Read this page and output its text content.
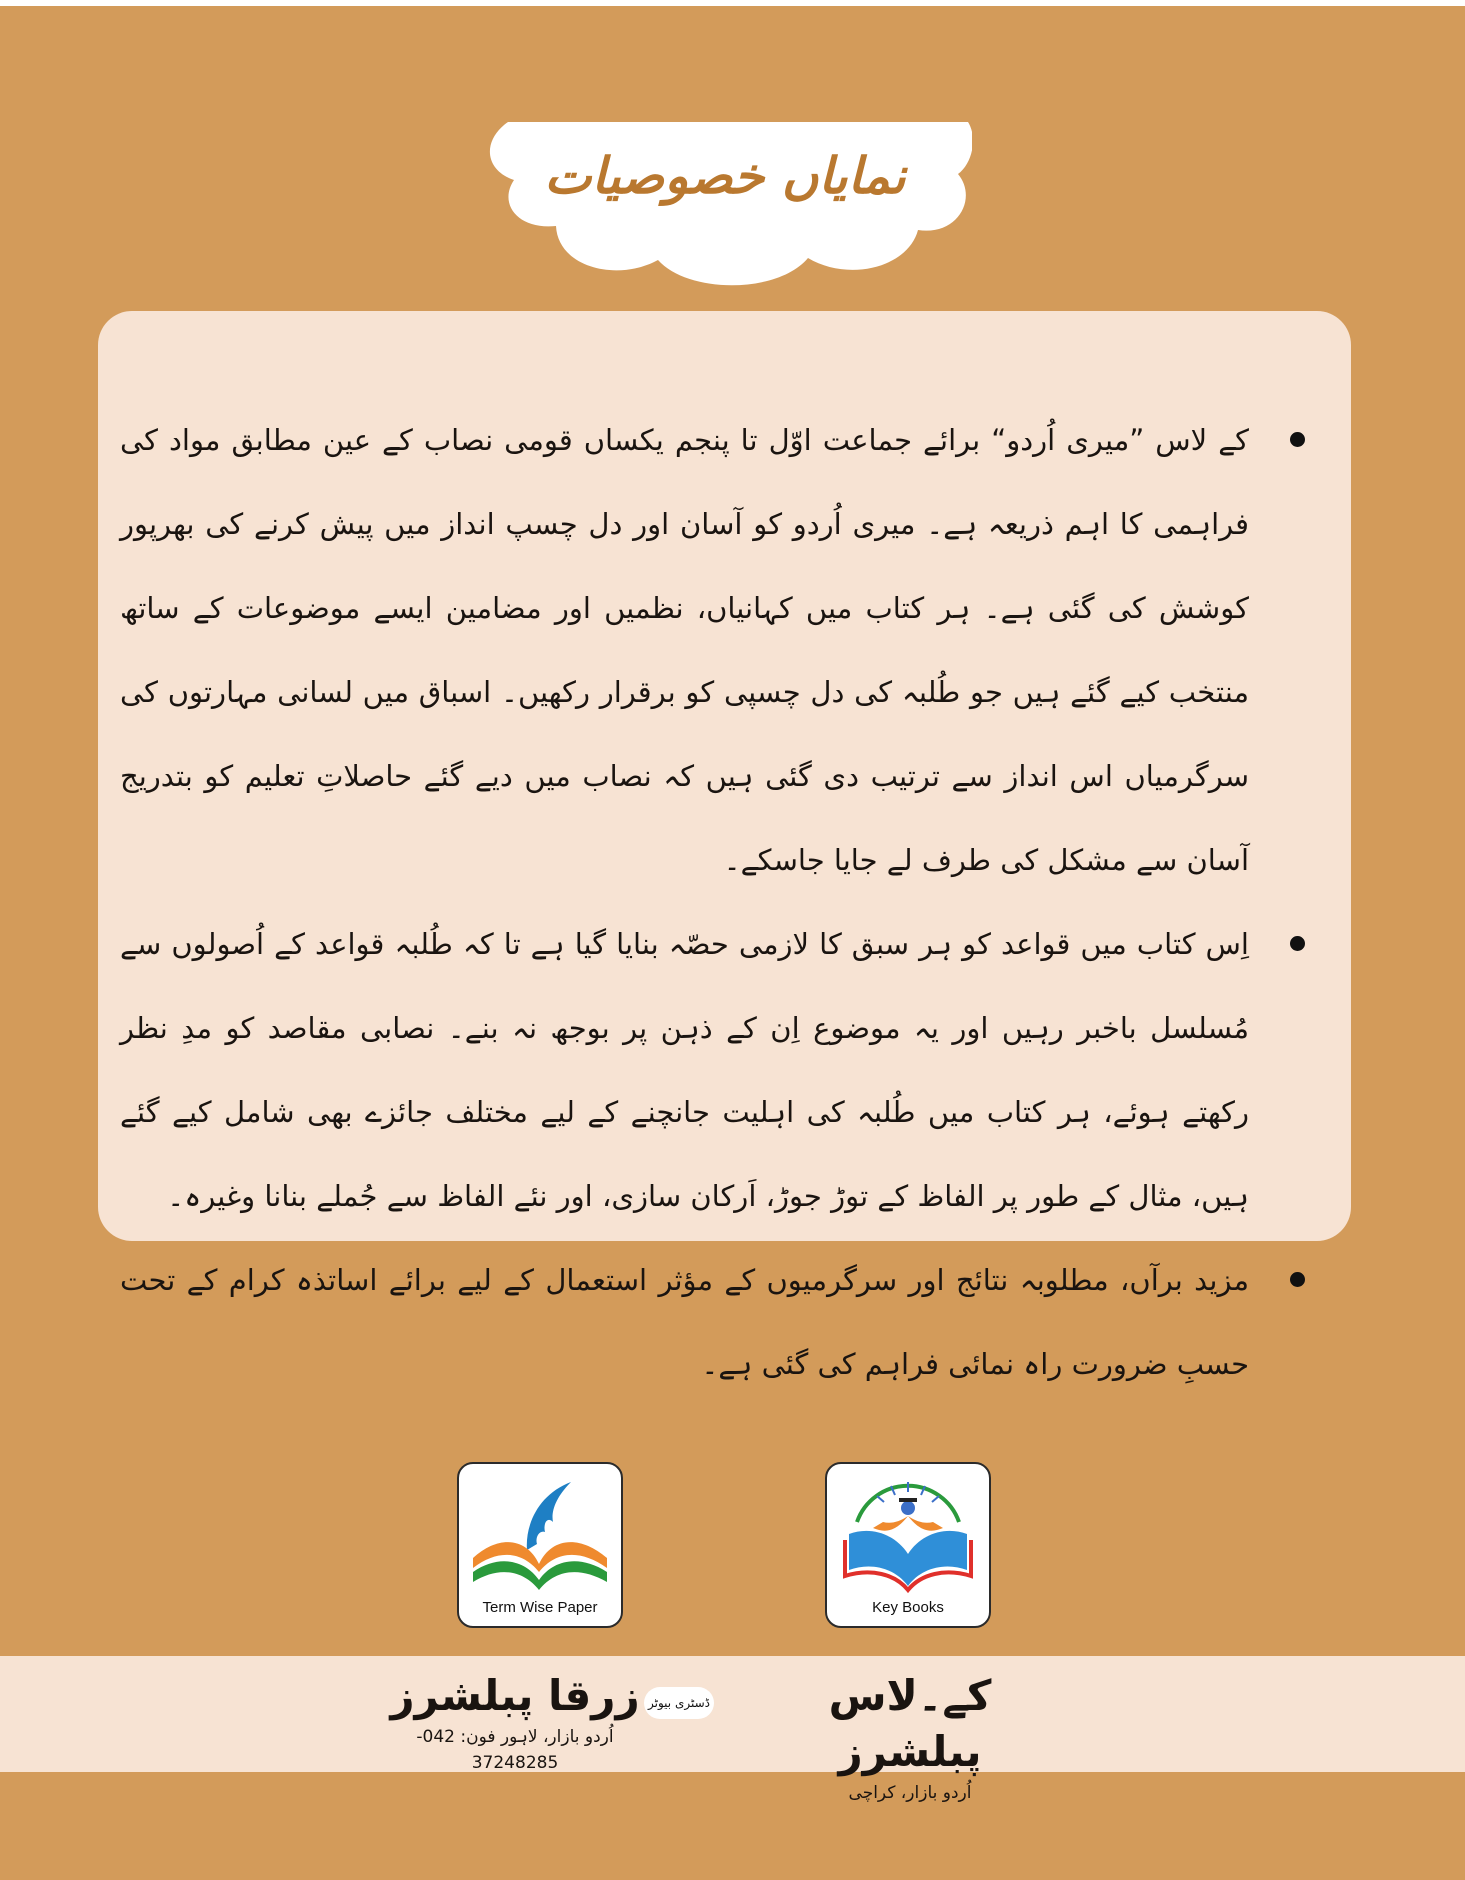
نمایاں خصوصیات
کے لاس ”میری اُردو“ برائے جماعت اوّل تا پنجم یکساں قومی نصاب کے عین مطابق مواد کی فراہمی کا اہم ذریعہ ہے۔ میری اُردو کو آسان اور دل چسپ انداز میں پیش کرنے کی بھرپور کوشش کی گئی ہے۔ ہر کتاب میں کہانیاں، نظمیں اور مضامین ایسے موضوعات کے ساتھ منتخب کیے گئے ہیں جو طُلبہ کی دل چسپی کو برقرار رکھیں۔ اسباق میں لسانی مہارتوں کی سرگرمیاں اس انداز سے ترتیب دی گئی ہیں کہ نصاب میں دیے گئے حاصلاتِ تعلیم کو بتدریج آسان سے مشکل کی طرف لے جایا جاسکے۔
اِس کتاب میں قواعد کو ہر سبق کا لازمی حصّہ بنایا گیا ہے تا کہ طُلبہ قواعد کے اُصولوں سے مُسلسل باخبر رہیں اور یہ موضوع اِن کے ذہن پر بوجھ نہ بنے۔ نصابی مقاصد کو مدِ نظر رکھتے ہوئے، ہر کتاب میں طُلبہ کی اہلیت جانچنے کے لیے مختلف جائزے بھی شامل کیے گئے ہیں، مثال کے طور پر الفاظ کے توڑ جوڑ، اَرکان سازی، اور نئے الفاظ سے جُملے بنانا وغیرہ۔
مزید برآں، مطلوبہ نتائج اور سرگرمیوں کے مؤثر استعمال کے لیے برائے اساتذہ کرام کے تحت حسبِ ضرورت راہ نمائی فراہم کی گئی ہے۔
Term Wise Paper	Key Books
زرقا پبلشرز
اُردو بازار، لاہور فون: 042-37248285
ڈسٹری بیوٹر	کے۔لاس پبلشرز
اُردو بازار، کراچی
